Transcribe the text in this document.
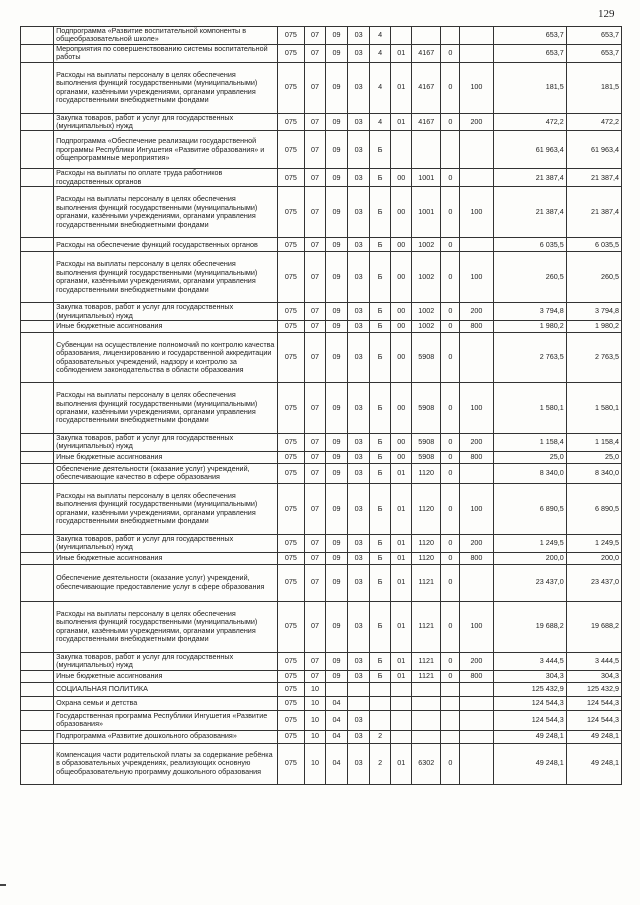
129
	Подпрограмма «Развитие воспитательной компоненты в общеобразовательной школе»	075	07	09	03	4					653,7	653,7
	Мероприятия по совершенствованию системы воспитательной работы	075	07	09	03	4	01	4167	0		653,7	653,7
	Расходы на выплаты персоналу в целях обеспечения выполнения функций государственными (муниципальными) органами, казёнными учреждениями, органами управления государственными внебюджетными фондами	075	07	09	03	4	01	4167	0	100	181,5	181,5
	Закупка товаров, работ и услуг для государственных (муниципальных) нужд	075	07	09	03	4	01	4167	0	200	472,2	472,2
	Подпрограмма «Обеспечение реализации государственной программы Республики Ингушетия «Развитие образования» и общепрограммные мероприятия»	075	07	09	03	Б					61 963,4	61 963,4
	Расходы на выплаты по оплате труда работников государственных органов	075	07	09	03	Б	00	1001	0		21 387,4	21 387,4
	Расходы на выплаты персоналу в целях обеспечения выполнения функций государственными (муниципальными) органами, казёнными учреждениями, органами управления государственными внебюджетными фондами	075	07	09	03	Б	00	1001	0	100	21 387,4	21 387,4
	Расходы на обеспечение функций государственных органов	075	07	09	03	Б	00	1002	0		6 035,5	6 035,5
	Расходы на выплаты персоналу в целях обеспечения выполнения функций государственными (муниципальными) органами, казёнными учреждениями, органами управления государственными внебюджетными фондами	075	07	09	03	Б	00	1002	0	100	260,5	260,5
	Закупка товаров, работ и услуг для государственных (муниципальных) нужд	075	07	09	03	Б	00	1002	0	200	3 794,8	3 794,8
	Иные бюджетные ассигнования	075	07	09	03	Б	00	1002	0	800	1 980,2	1 980,2
	Субвенции на осуществление полномочий по контролю качества образования, лицензированию и государственной аккредитации образовательных учреждений, надзору и контролю за соблюдением законодательства в области образования	075	07	09	03	Б	00	5908	0		2 763,5	2 763,5
	Расходы на выплаты персоналу в целях обеспечения выполнения функций государственными (муниципальными) органами, казёнными учреждениями, органами управления государственными внебюджетными фондами	075	07	09	03	Б	00	5908	0	100	1 580,1	1 580,1
	Закупка товаров, работ и услуг для государственных (муниципальных) нужд	075	07	09	03	Б	00	5908	0	200	1 158,4	1 158,4
	Иные бюджетные ассигнования	075	07	09	03	Б	00	5908	0	800	25,0	25,0
	Обеспечение деятельности (оказание услуг) учреждений, обеспечивающие качество в сфере образования	075	07	09	03	Б	01	1120	0		8 340,0	8 340,0
	Расходы на выплаты персоналу в целях обеспечения выполнения функций государственными (муниципальными) органами, казёнными учреждениями, органами управления государственными внебюджетными фондами	075	07	09	03	Б	01	1120	0	100	6 890,5	6 890,5
	Закупка товаров, работ и услуг для государственных (муниципальных) нужд	075	07	09	03	Б	01	1120	0	200	1 249,5	1 249,5
	Иные бюджетные ассигнования	075	07	09	03	Б	01	1120	0	800	200,0	200,0
	Обеспечение деятельности (оказание услуг) учреждений, обеспечивающие предоставление услуг в сфере образования	075	07	09	03	Б	01	1121	0		23 437,0	23 437,0
	Расходы на выплаты персоналу в целях обеспечения выполнения функций государственными (муниципальными) органами, казёнными учреждениями, органами управления государственными внебюджетными фондами	075	07	09	03	Б	01	1121	0	100	19 688,2	19 688,2
	Закупка товаров, работ и услуг для государственных (муниципальных) нужд	075	07	09	03	Б	01	1121	0	200	3 444,5	3 444,5
	Иные бюджетные ассигнования	075	07	09	03	Б	01	1121	0	800	304,3	304,3
	СОЦИАЛЬНАЯ ПОЛИТИКА	075	10								125 432,9	125 432,9
	Охрана семьи и детства	075	10	04							124 544,3	124 544,3
	Государственная программа Республики Ингушетия «Развитие образования»	075	10	04	03						124 544,3	124 544,3
	Подпрограмма «Развитие дошкольного образования»	075	10	04	03	2					49 248,1	49 248,1
	Компенсация части родительской платы за содержание ребёнка в образовательных учреждениях, реализующих основную общеобразовательную программу дошкольного образования	075	10	04	03	2	01	6302	0		49 248,1	49 248,1
